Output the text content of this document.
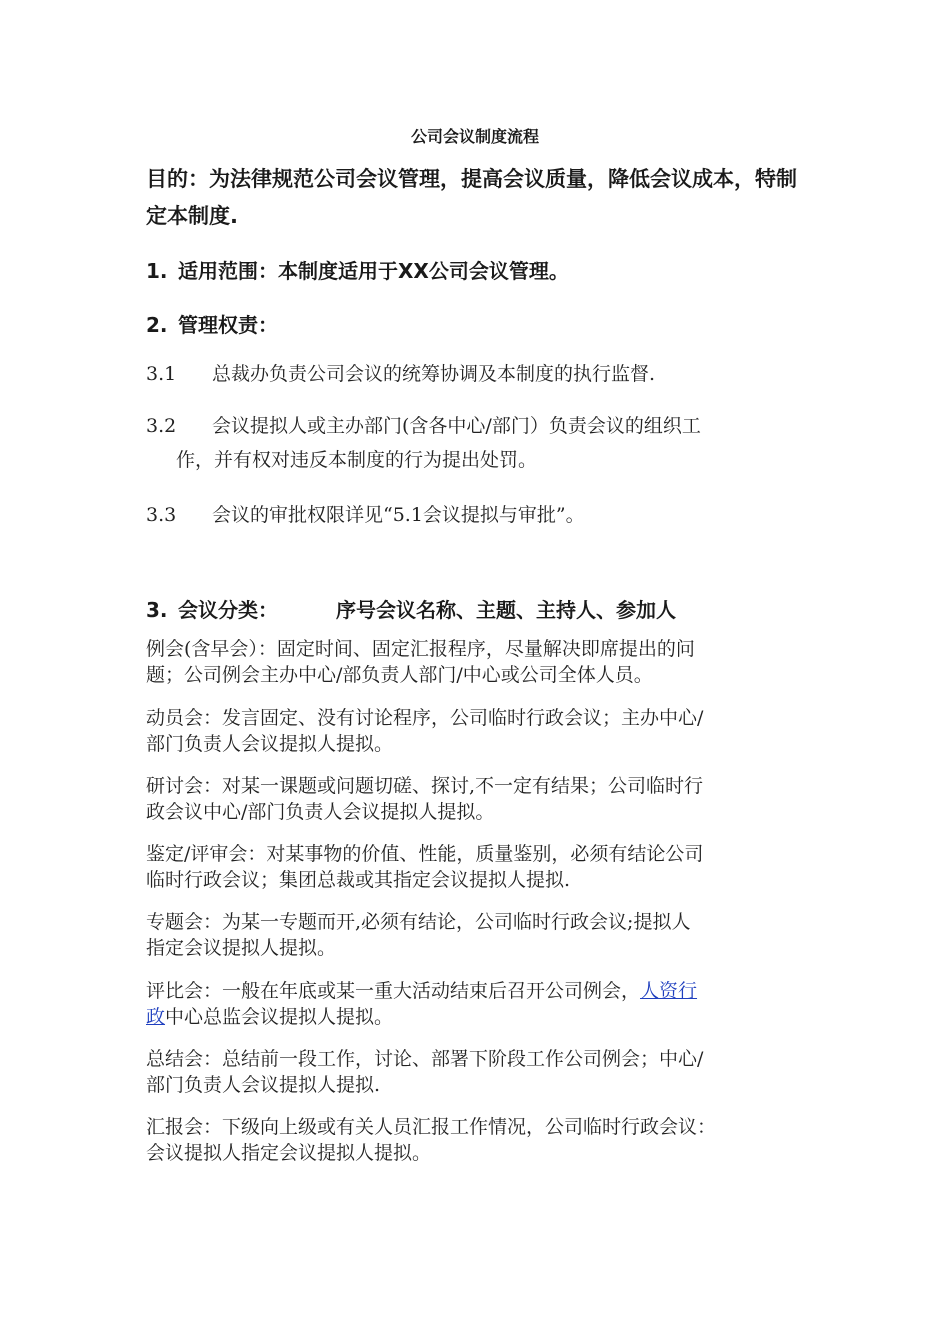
公司会议制度流程

目的：为法律规范公司会议管理，提高会议质量，降低会议成本，特制定本制度.

1. 适用范围：本制度适用于XX公司会议管理。

2. 管理权责：

3.1 总裁办负责公司会议的统筹协调及本制度的执行监督.

3.2 会议提拟人或主办部门(含各中心/部门）负责会议的组织工
作，并有权对违反本制度的行为提出处罚。

3.3 会议的审批权限详见“5.1会议提拟与审批”。

3. 会议分类：	序号会议名称、主题、主持人、参加人

例会(含早会）：固定时间、固定汇报程序，尽量解决即席提出的问
题；公司例会主办中心/部负责人部门/中心或公司全体人员。

动员会：发言固定、没有讨论程序，公司临时行政会议；主办中心/
部门负责人会议提拟人提拟。

研讨会：对某一课题或问题切磋、探讨,不一定有结果；公司临时行
政会议中心/部门负责人会议提拟人提拟。

鉴定/评审会：对某事物的价值、性能，质量鉴别，必须有结论公司
临时行政会议；集团总裁或其指定会议提拟人提拟.

专题会：为某一专题而开,必须有结论，公司临时行政会议;提拟人
指定会议提拟人提拟。

评比会：一般在年底或某一重大活动结束后召开公司例会，人资行
政中心总监会议提拟人提拟。

总结会：总结前一段工作，讨论、部署下阶段工作公司例会；中心/
部门负责人会议提拟人提拟.

汇报会：下级向上级或有关人员汇报工作情况，公司临时行政会议：
会议提拟人指定会议提拟人提拟。
